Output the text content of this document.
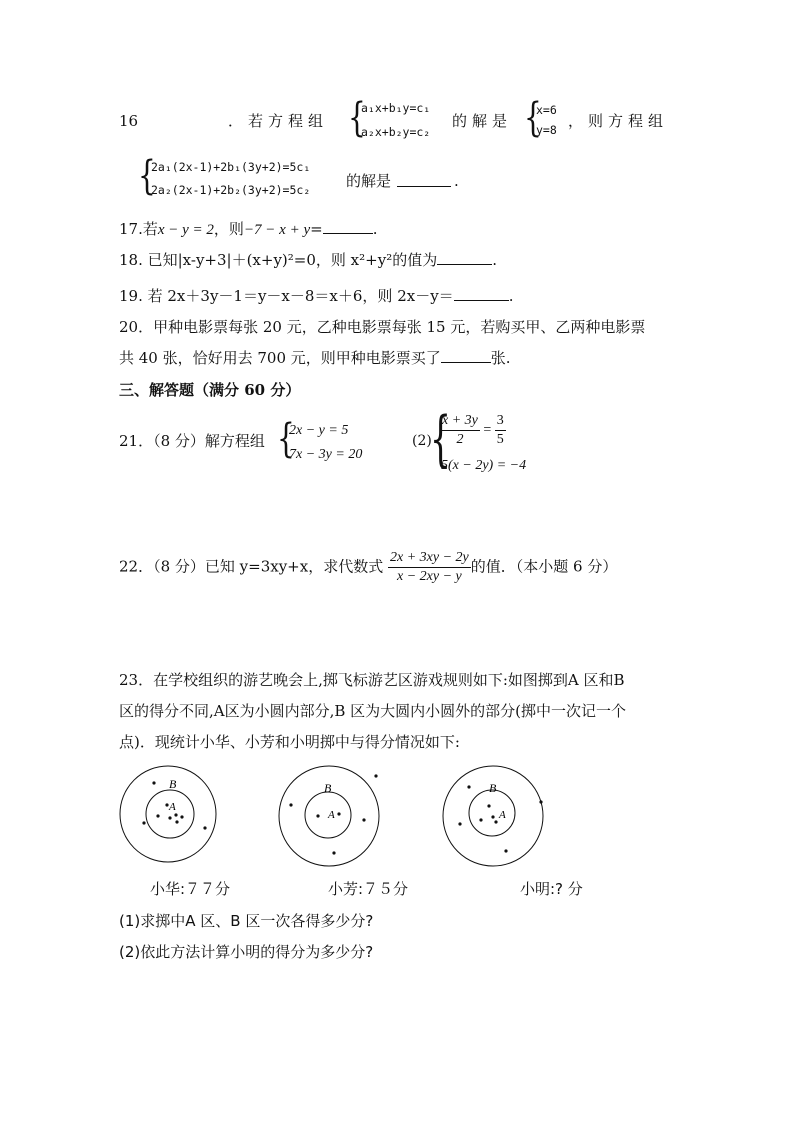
16	．若方程组 {
a₁x+b₁y=c₁
a₂x+b₂y=c₂
的解是 {
x=6
y=8 ，则方程组
{
2a₁(2x-1)+2b₁(3y+2)=5c₁
2a₂(2x-1)+2b₂(3y+2)=5c₂ 的解是	.
17.若x − y = 2，则−7 − x + y=	.
18. 已知|x-y+3|＋(x+y)²=0，则 x²+y²的值为	.
19. 若 2x＋3y－1＝y－x－8＝x＋6，则 2x－y＝	.
20．甲种电影票每张 20 元，乙种电影票每张 15 元，若购买甲、乙两种电影票
共 40 张，恰好用去 700 元，则甲种电影票买了	张.
三、解答题（满分 60 分）
21．（8 分）解方程组 {
2x − y = 5
7x − 3y = 20
(2)
{
$\frac{x + 3y}{2} = \frac{3}{5}$
5(x − 2y) = −4
22．（8 分）已知 y=3xy+x，求代数式 $\frac{2x + 3xy - 2y}{x - 2xy - y}$ 的值．（本小题 6 分）
23．在学校组织的游艺晚会上,掷飞标游艺区游戏规则如下:如图掷到A 区和B
区的得分不同,A区为小圆内部分,B 区为大圆内小圆外的部分(掷中一次记一个
点)．现统计小华、小芳和小明掷中与得分情况如下:
B
A
小华:７７分
B
A
小芳:７５分
B
A
小明:? 分
(1)求掷中A 区、B 区一次各得多少分?
(2)依此方法计算小明的得分为多少分?
